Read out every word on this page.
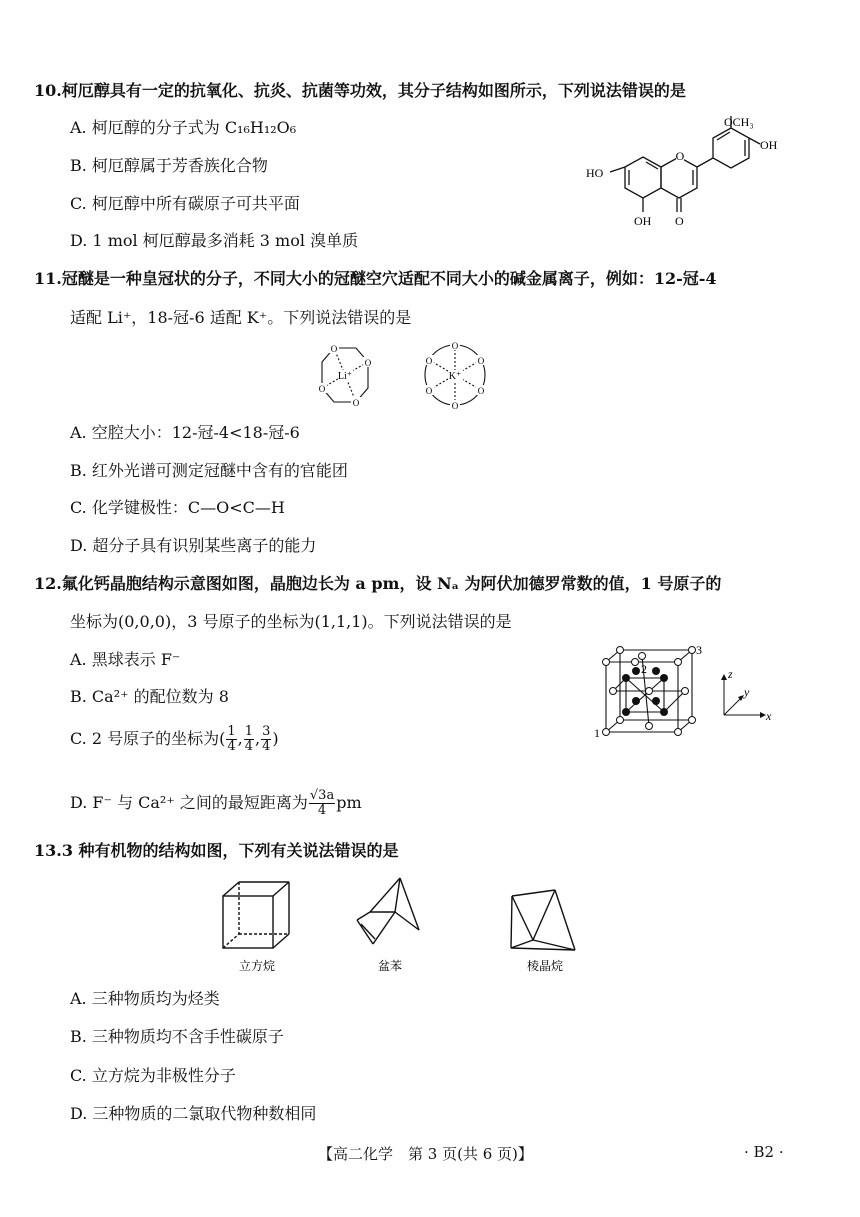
10.柯厄醇具有一定的抗氧化、抗炎、抗菌等功效，其分子结构如图所示，下列说法错误的是
A. 柯厄醇的分子式为 C₁₆H₁₂O₆
B. 柯厄醇属于芳香族化合物
C. 柯厄醇中所有碳原子可共平面
D. 1 mol 柯厄醇最多消耗 3 mol 溴单质
O
OCH₃
OH
HO
OH O
11.冠醚是一种皇冠状的分子，不同大小的冠醚空穴适配不同大小的碱金属离子，例如：12-冠-4
适配 Li⁺，18-冠-6 适配 K⁺。下列说法错误的是
O
O
O
O
O
O
O
O
O
O
Li⁺	K⁺
A. 空腔大小：12-冠-4<18-冠-6
B. 红外光谱可测定冠醚中含有的官能团
C. 化学键极性：C—O<C—H
D. 超分子具有识别某些离子的能力
12.氟化钙晶胞结构示意图如图，晶胞边长为 a pm，设 Nₐ 为阿伏加德罗常数的值，1 号原子的
坐标为(0,0,0)，3 号原子的坐标为(1,1,1)。下列说法错误的是
A. 黑球表示 F⁻
B. Ca²⁺ 的配位数为 8
C. 2 号原子的坐标为( $\frac{1}{4}$ , $\frac{1}{4}$ , $\frac{3}{4}$ )
D. F⁻ 与 Ca²⁺ 之间的最短距离为 $\frac{√3a}{4}$ pm
1
2
3
z
y
x
13.3 种有机物的结构如图，下列有关说法错误的是
立方烷	盆苯	棱晶烷
A. 三种物质均为烃类
B. 三种物质均不含手性碳原子
C. 立方烷为非极性分子
D. 三种物质的二氯取代物种数相同
【高二化学　第 3 页(共 6 页)】	· B2 ·
